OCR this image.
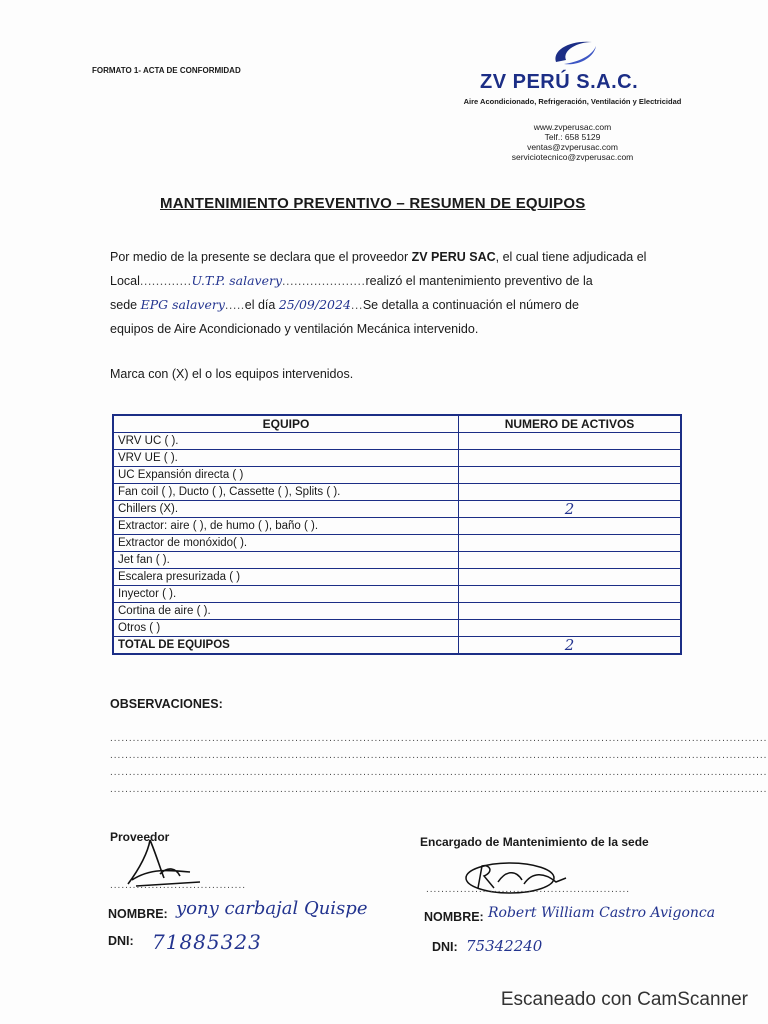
FORMATO 1- ACTA DE CONFORMIDAD
ZV PERÚ S.A.C.
Aire Acondicionado, Refrigeración, Ventilación y Electricidad
www.zvperusac.com
Telf.: 658 5129
ventas@zvperusac.com
serviciotecnico@zvperusac.com
MANTENIMIENTO PREVENTIVO – RESUMEN DE EQUIPOS
Por medio de la presente se declara que el proveedor ZV PERU SAC, el cual tiene adjudicada el
Local.............U.T.P. salavery.....................realizó el mantenimiento preventivo de la
sede EPG salavery.....el día 25/09/2024...Se detalla a continuación el número de
equipos de Aire Acondicionado y ventilación Mecánica intervenido.
Marca con (X) el o los equipos intervenidos.
EQUIPO	NUMERO DE ACTIVOS
VRV UC ( ).	
VRV UE ( ).	
UC Expansión directa ( )	
Fan coil ( ), Ducto ( ), Cassette ( ), Splits ( ).	
Chillers (X).	2
Extractor: aire ( ), de humo ( ), baño ( ).	
Extractor de monóxido( ).	
Jet fan ( ).	
Escalera presurizada ( )	
Inyector ( ).	
Cortina de aire ( ).	
Otros ( )	
TOTAL DE EQUIPOS	2
OBSERVACIONES:
..............................................................................................................................................................................
..............................................................................................................................................................................
..............................................................................................................................................................................
..............................................................................................................................................................................
Proveedor
....................................
NOMBRE: yony carbajal Quispe
DNI: 71885323
Encargado de Mantenimiento de la sede
......................................................
NOMBRE: Robert William Castro Avigonca
DNI: 75342240
Escaneado con CamScanner
